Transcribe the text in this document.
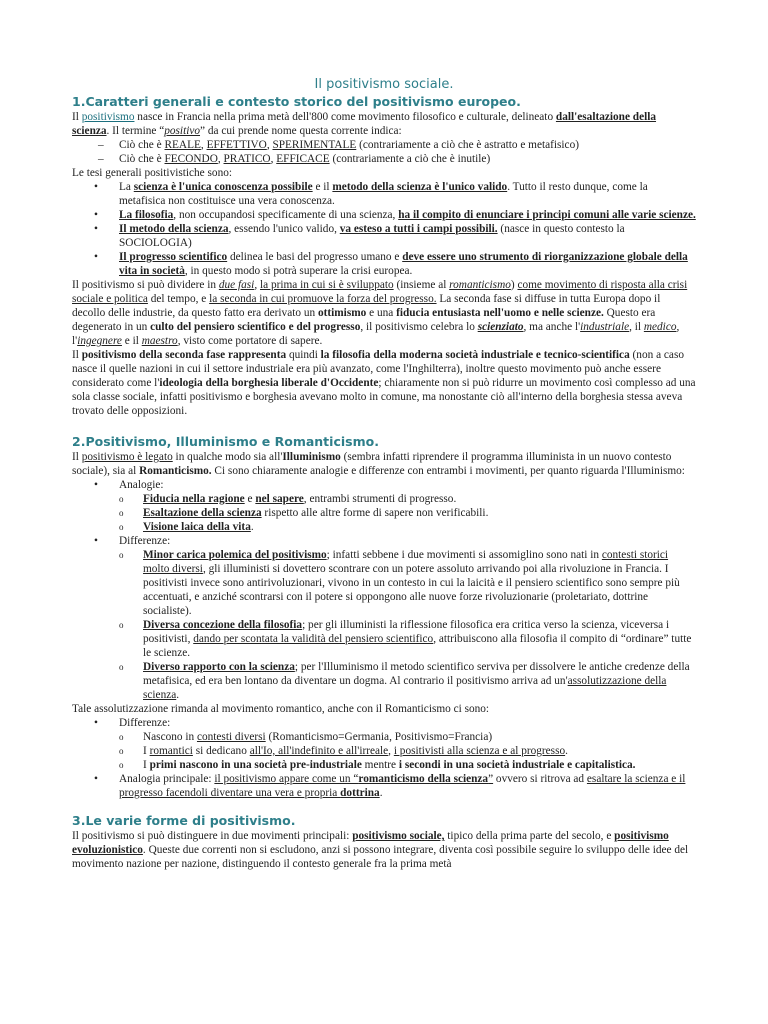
Il positivismo sociale.
1.Caratteri generali e contesto storico del positivismo europeo.

Il positivismo nasce in Francia nella prima metà dell'800 come movimento filosofico e culturale, delineato dall'esaltazione della scienza. Il termine “positivo” da cui prende nome questa corrente indica:

– Ciò che è REALE, EFFETTIVO, SPERIMENTALE (contrariamente a ciò che è astratto e metafisico)

– Ciò che è FECONDO, PRATICO, EFFICACE (contrariamente a ciò che è inutile)

Le tesi generali positivistiche sono:

• La scienza è l'unica conoscenza possibile e il metodo della scienza è l'unico valido. Tutto il resto dunque, come la metafisica non costituisce una vera conoscenza.

• La filosofia, non occupandosi specificamente di una scienza, ha il compito di enunciare i principi comuni alle varie scienze.

• Il metodo della scienza, essendo l'unico valido, va esteso a tutti i campi possibili. (nasce in questo contesto la SOCIOLOGIA)

• Il progresso scientifico delinea le basi del progresso umano e deve essere uno strumento di riorganizzazione globale della vita in società, in questo modo si potrà superare la crisi europea.

Il positivismo si può dividere in due fasi, la prima in cui si è sviluppato (insieme al romanticismo) come movimento di risposta alla crisi sociale e politica del tempo, e la seconda in cui promuove la forza del progresso. La seconda fase si diffuse in tutta Europa dopo il decollo delle industrie, da questo fatto era derivato un ottimismo e una fiducia entusiasta nell'uomo e nelle scienze. Questo era degenerato in un culto del pensiero scientifico e del progresso, il positivismo celebra lo scienziato, ma anche l'industriale, il medico, l'ingegnere e il maestro, visto come portatore di sapere.

Il positivismo della seconda fase rappresenta quindi la filosofia della moderna società industriale e tecnico-scientifica (non a caso nasce il quelle nazioni in cui il settore industriale era più avanzato, come l'Inghilterra), inoltre questo movimento può anche essere considerato come l'ideologia della borghesia liberale d'Occidente; chiaramente non si può ridurre un movimento così complesso ad una sola classe sociale, infatti positivismo e borghesia avevano molto in comune, ma nonostante ciò all'interno della borghesia stessa aveva trovato delle opposizioni.

2.Positivismo, Illuminismo e Romanticismo.

Il positivismo è legato in qualche modo sia all'Illuminismo (sembra infatti riprendere il programma illuminista in un nuovo contesto sociale), sia al Romanticismo. Ci sono chiaramente analogie e differenze con entrambi i movimenti, per quanto riguarda l'Illuminismo:

• Analogie:

o Fiducia nella ragione e nel sapere, entrambi strumenti di progresso.

o Esaltazione della scienza rispetto alle altre forme di sapere non verificabili.

o Visione laica della vita.

• Differenze:

o Minor carica polemica del positivismo; infatti sebbene i due movimenti si assomiglino sono nati in contesti storici molto diversi, gli illuministi si dovettero scontrare con un potere assoluto arrivando poi alla rivoluzione in Francia. I positivisti invece sono antirivoluzionari, vivono in un contesto in cui la laicità e il pensiero scientifico sono sempre più accentuati, e anziché scontrarsi con il potere si oppongono alle nuove forze rivoluzionarie (proletariato, dottrine socialiste).

o Diversa concezione della filosofia; per gli illuministi la riflessione filosofica era critica verso la scienza, viceversa i positivisti, dando per scontata la validità del pensiero scientifico, attribuiscono alla filosofia il compito di “ordinare” tutte le scienze.

o Diverso rapporto con la scienza; per l'Illuminismo il metodo scientifico serviva per dissolvere le antiche credenze della metafisica, ed era ben lontano da diventare un dogma. Al contrario il positivismo arriva ad un'assolutizzazione della scienza.

Tale assolutizzazione rimanda al movimento romantico, anche con il Romanticismo ci sono:

• Differenze:

o Nascono in contesti diversi (Romanticismo=Germania, Positivismo=Francia)

o I romantici si dedicano all'Io, all'indefinito e all'irreale, i positivisti alla scienza e al progresso.

o I primi nascono in una società pre-industriale mentre i secondi in una società industriale e capitalistica.

• Analogia principale: il positivismo appare come un “romanticismo della scienza” ovvero si ritrova ad esaltare la scienza e il progresso facendoli diventare una vera e propria dottrina.

3.Le varie forme di positivismo.

Il positivismo si può distinguere in due movimenti principali: positivismo sociale, tipico della prima parte del secolo, e positivismo evoluzionistico. Queste due correnti non si escludono, anzi si possono integrare, diventa così possibile seguire lo sviluppo delle idee del movimento nazione per nazione, distinguendo il contesto generale fra la prima metà
